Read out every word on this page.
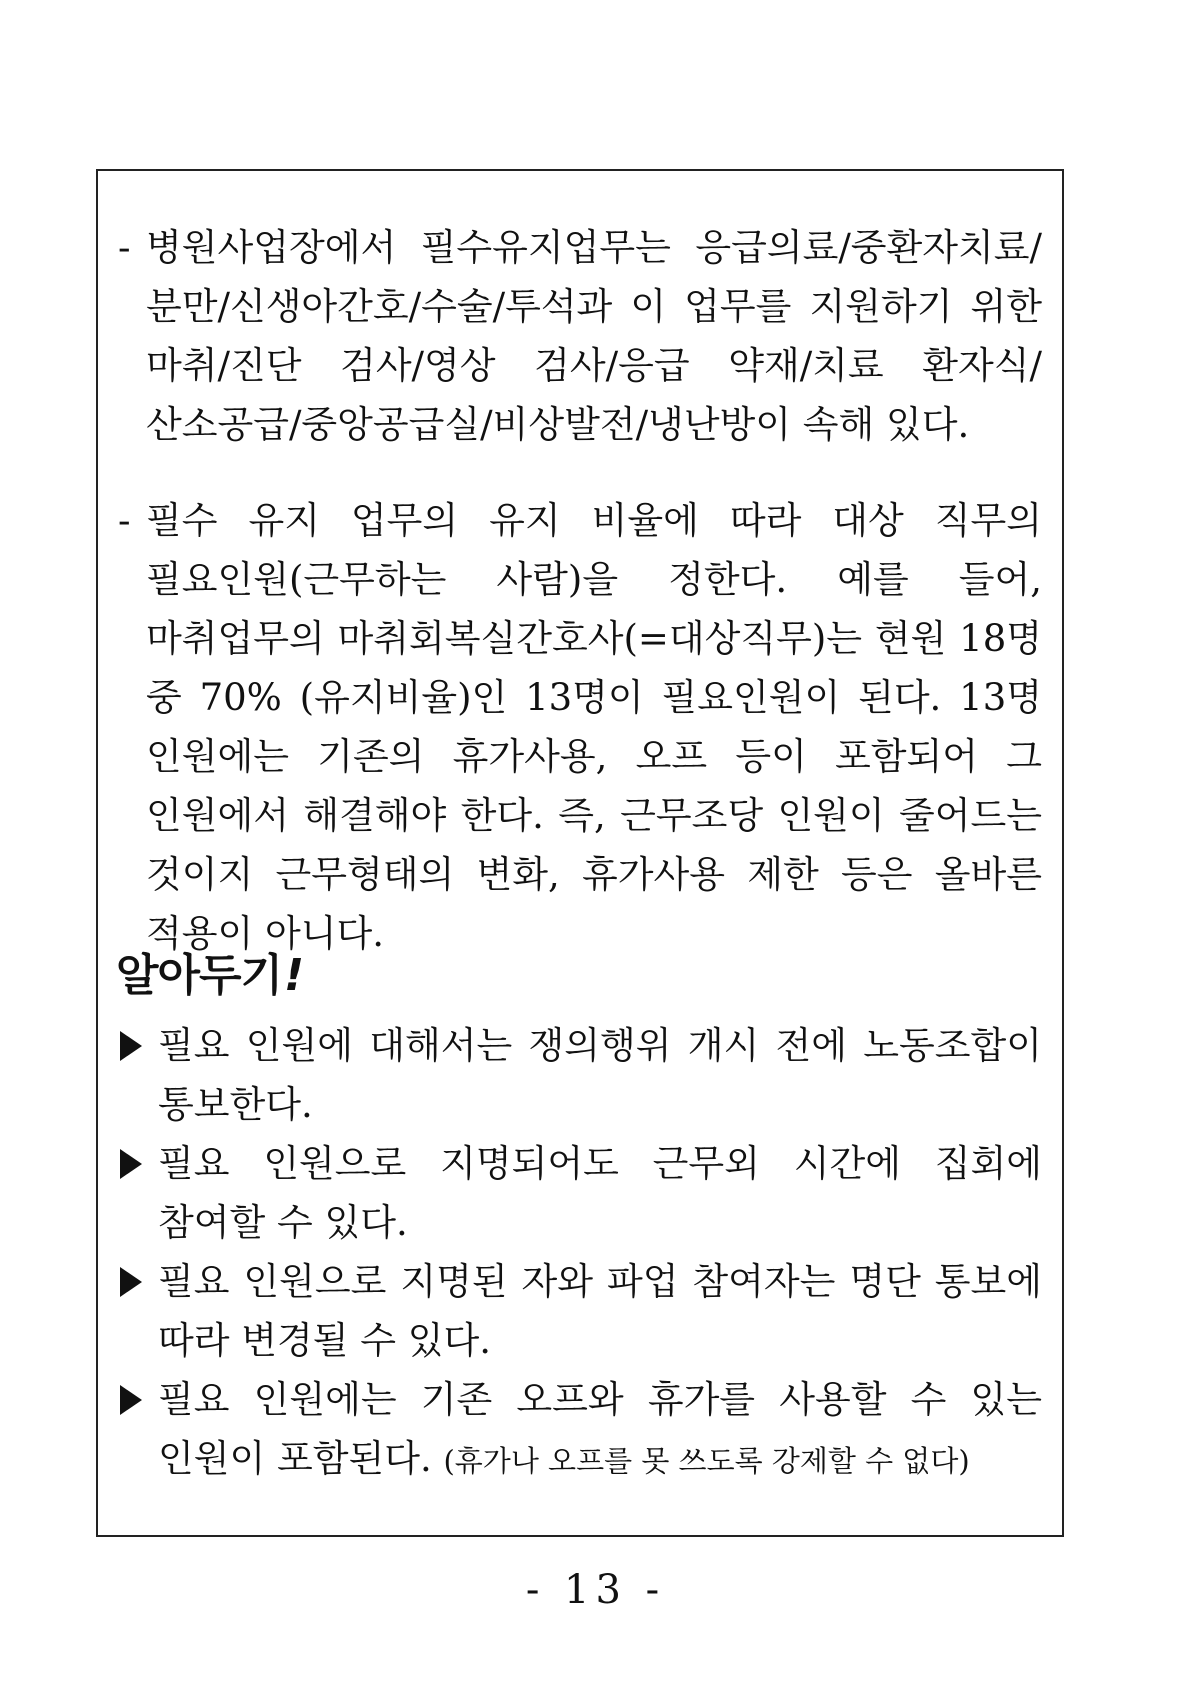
- 병원사업장에서 필수유지업무는 응급의료/중환자치료/분만/신생아간호/수술/투석과 이 업무를 지원하기 위한 마취/진단 검사/영상 검사/응급 약재/치료 환자식/산소공급/중앙공급실/비상발전/냉난방이 속해 있다.

- 필수 유지 업무의 유지 비율에 따라 대상 직무의 필요인원(근무하는 사람)을 정한다. 예를 들어, 마취업무의 마취회복실간호사(=대상직무)는 현원 18명 중 70% (유지비율)인 13명이 필요인원이 된다. 13명 인원에는 기존의 휴가사용, 오프 등이 포함되어 그 인원에서 해결해야 한다. 즉, 근무조당 인원이 줄어드는 것이지 근무형태의 변화, 휴가사용 제한 등은 올바른 적용이 아니다.

알아두기!
필요 인원에 대해서는 쟁의행위 개시 전에 노동조합이 통보한다.
필요 인원으로 지명되어도 근무외 시간에 집회에 참여할 수 있다.
필요 인원으로 지명된 자와 파업 참여자는 명단 통보에 따라 변경될 수 있다.
필요 인원에는 기존 오프와 휴가를 사용할 수 있는 인원이 포함된다. (휴가나 오프를 못 쓰도록 강제할 수 없다)
- 13 -
